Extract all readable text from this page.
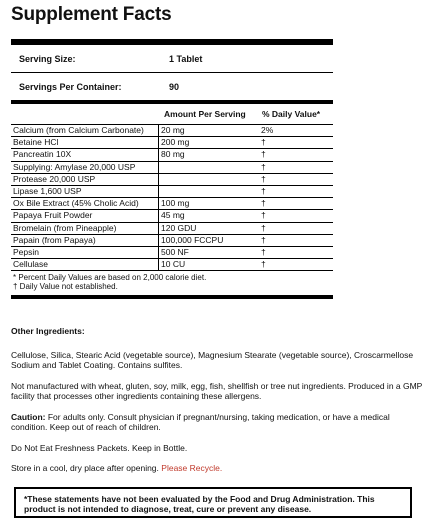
Supplement Facts
Serving Size:	1 Tablet
Servings Per Container:	90
Amount Per Serving	% Daily Value*
Calcium (from Calcium Carbonate)	20 mg	2%
Betaine HCl	200 mg	†
Pancreatin 10X	80 mg	†
Supplying: Amylase 20,000 USP		†
Protease 20,000 USP		†
Lipase 1,600 USP		†
Ox Bile Extract (45% Cholic Acid)	100 mg	†
Papaya Fruit Powder	45 mg	†
Bromelain (from Pineapple)	120 GDU	†
Papain (from Papaya)	100,000 FCCPU	†
Pepsin	500 NF	†
Cellulase	10 CU	†
* Percent Daily Values are based on 2,000 calorie diet.
† Daily Value not established.

Other Ingredients:

Cellulose, Silica, Stearic Acid (vegetable source), Magnesium Stearate (vegetable source), Croscarmellose Sodium and Tablet Coating. Contains sulfites.

Not manufactured with wheat, gluten, soy, milk, egg, fish, shellfish or tree nut ingredients. Produced in a GMP facility that processes other ingredients containing these allergens.

Caution: For adults only. Consult physician if pregnant/nursing, taking medication, or have a medical condition. Keep out of reach of children.

Do Not Eat Freshness Packets. Keep in Bottle.

Store in a cool, dry place after opening. Please Recycle.

*These statements have not been evaluated by the Food and Drug Administration. This product is not intended to diagnose, treat, cure or prevent any disease.
